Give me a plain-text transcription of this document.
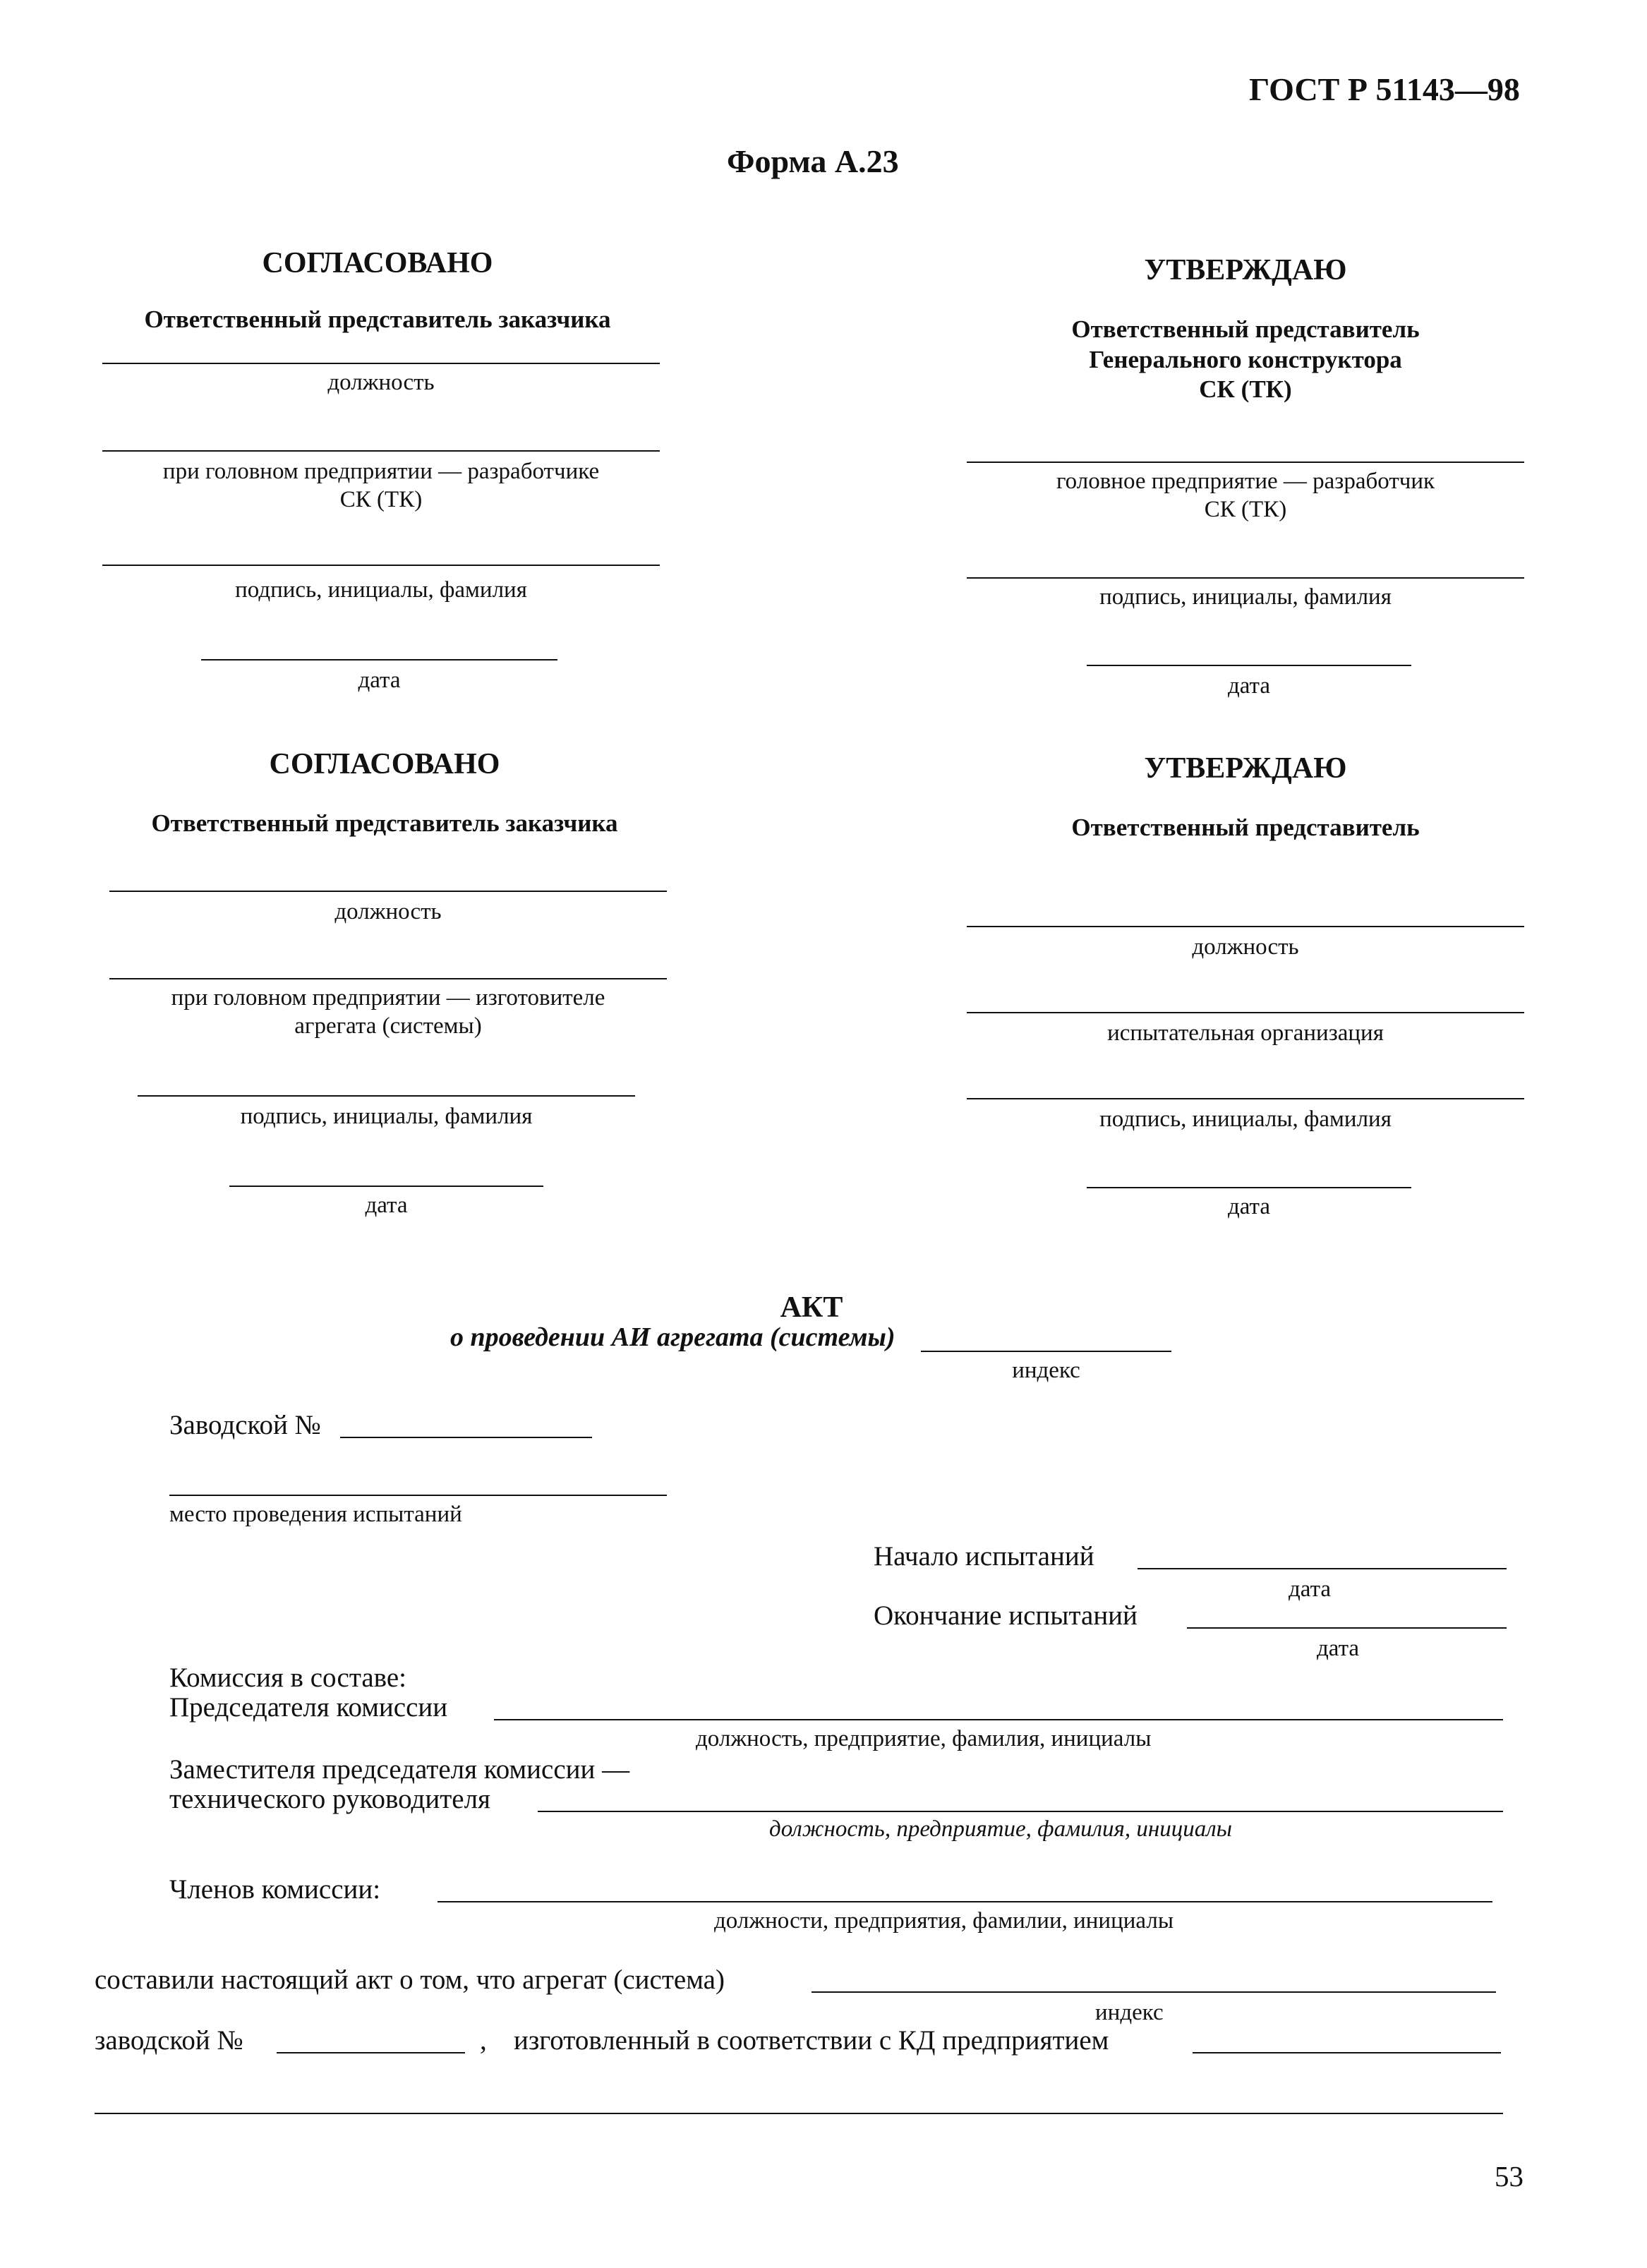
ГОСТ Р 51143—98
Форма А.23
СОГЛАСОВАНО
Ответственный представитель заказчика
должность
при головном предприятии — разработчике
СК (ТК)
подпись, инициалы, фамилия
дата
УТВЕРЖДАЮ
Ответственный представитель
Генерального конструктора
СК (ТК)
головное предприятие — разработчик
СК (ТК)
подпись, инициалы, фамилия
дата
СОГЛАСОВАНО
Ответственный представитель заказчика
должность
при головном предприятии — изготовителе
агрегата (системы)
подпись, инициалы, фамилия
дата
УТВЕРЖДАЮ
Ответственный представитель
должность
испытательная организация
подпись, инициалы, фамилия
дата
АКТ
о проведении АИ агрегата (системы)
индекс
Заводской №
место проведения испытаний
Начало испытаний
дата
Окончание испытаний
дата
Комиссия в составе:
Председателя комиссии
должность, предприятие, фамилия, инициалы
Заместителя председателя комиссии —
технического руководителя
должность, предприятие, фамилия, инициалы
Членов комиссии:
должности, предприятия, фамилии, инициалы
составили настоящий акт о том, что агрегат (система)
индекс
заводской №	, изготовленный в соответствии с КД предприятием
53
